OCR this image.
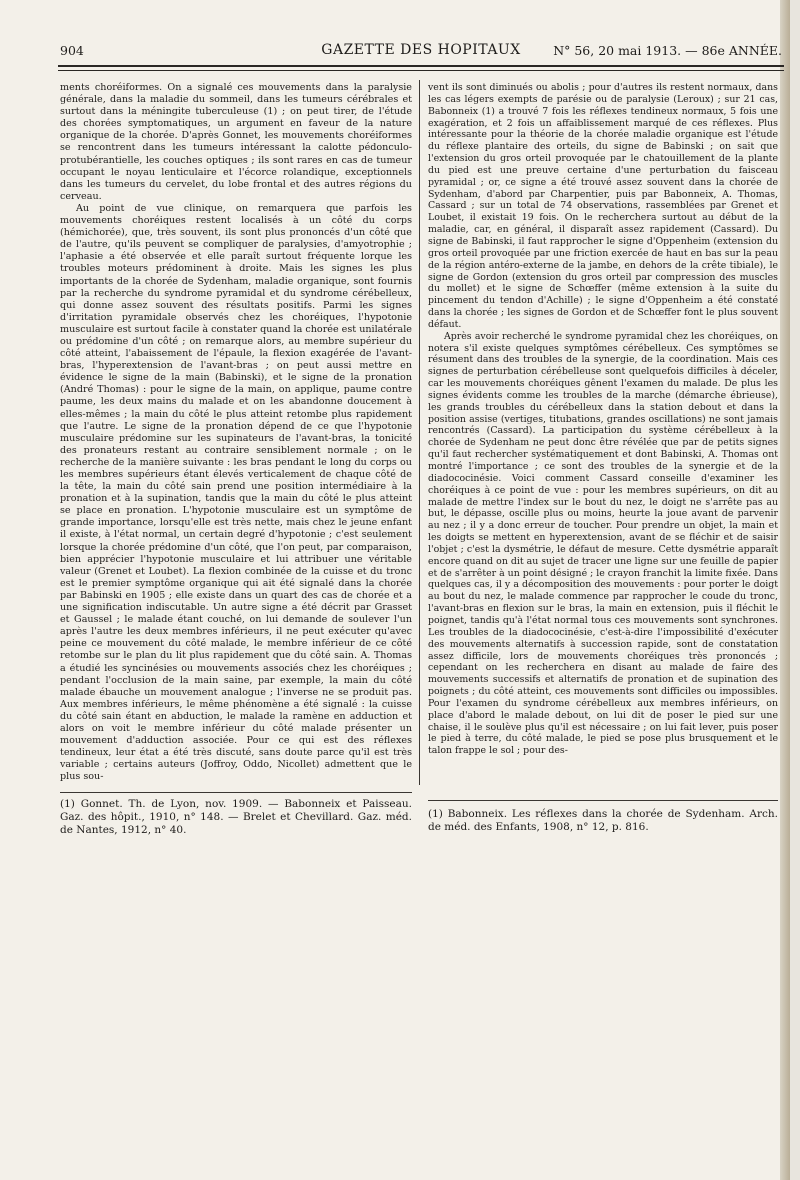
904	GAZETTE DES HOPITAUX	N° 56, 20 mai 1913. — 86e ANNÉE.

ments choréiformes. On a signalé ces mouvements dans la paralysie générale, dans la maladie du sommeil, dans les tumeurs cérébrales et surtout dans la méningite tuberculeuse (1) ; on peut tirer, de l'étude des chorées symptomatiques, un argument en faveur de la nature organique de la chorée. D'après Gonnet, les mouvements choréiformes se rencontrent dans les tumeurs intéressant la calotte pédonculo-protubérantielle, les couches optiques ; ils sont rares en cas de tumeur occupant le noyau lenticulaire et l'écorce rolandique, exceptionnels dans les tumeurs du cervelet, du lobe frontal et des autres régions du cerveau.

Au point de vue clinique, on remarquera que parfois les mouvements choréiques restent localisés à un côté du corps (hémichorée), que, très souvent, ils sont plus prononcés d'un côté que de l'autre, qu'ils peuvent se compliquer de paralysies, d'amyotrophie ; l'aphasie a été observée et elle paraît surtout fréquente lorque les troubles moteurs prédominent à droite. Mais les signes les plus importants de la chorée de Sydenham, maladie organique, sont fournis par la recherche du syndrome pyramidal et du syndrome cérébelleux, qui donne assez souvent des résultats positifs. Parmi les signes d'irritation pyramidale observés chez les choréiques, l'hypotonie musculaire est surtout facile à constater quand la chorée est unilatérale ou prédomine d'un côté ; on remarque alors, au membre supérieur du côté atteint, l'abaissement de l'épaule, la flexion exagérée de l'avant-bras, l'hyperextension de l'avant-bras ; on peut aussi mettre en évidence le signe de la main (Babinski), et le signe de la pronation (André Thomas) : pour le signe de la main, on applique, paume contre paume, les deux mains du malade et on les abandonne doucement à elles-mêmes ; la main du côté le plus atteint retombe plus rapidement que l'autre. Le signe de la pronation dépend de ce que l'hypotonie musculaire prédomine sur les supinateurs de l'avant-bras, la tonicité des pronateurs restant au contraire sensiblement normale ; on le recherche de la manière suivante : les bras pendant le long du corps ou les membres supérieurs étant élevés verticalement de chaque côté de la tête, la main du côté sain prend une position intermédiaire à la pronation et à la supination, tandis que la main du côté le plus atteint se place en pronation. L'hypotonie musculaire est un symptôme de grande importance, lorsqu'elle est très nette, mais chez le jeune enfant il existe, à l'état normal, un certain degré d'hypotonie ; c'est seulement lorsque la chorée prédomine d'un côté, que l'on peut, par comparaison, bien apprécier l'hypotonie musculaire et lui attribuer une véritable valeur (Grenet et Loubet). La flexion combinée de la cuisse et du tronc est le premier symptôme organique qui ait été signalé dans la chorée par Babinski en 1905 ; elle existe dans un quart des cas de chorée et a une signification indiscutable. Un autre signe a été décrit par Grasset et Gaussel ; le malade étant couché, on lui demande de soulever l'un après l'autre les deux membres inférieurs, il ne peut exécuter qu'avec peine ce mouvement du côté malade, le membre inférieur de ce côté retombe sur le plan du lit plus rapidement que du côté sain. A. Thomas a étudié les syncinésies ou mouvements associés chez les choréiques ; pendant l'occlusion de la main saine, par exemple, la main du côté malade ébauche un mouvement analogue ; l'inverse ne se produit pas. Aux membres inférieurs, le même phénomène a été signalé : la cuisse du côté sain étant en abduction, le malade la ramène en adduction et alors on voit le membre inférieur du côté malade présenter un mouvement d'adduction associée. Pour ce qui est des réflexes tendineux, leur état a été très discuté, sans doute parce qu'il est très variable ; certains auteurs (Joffroy, Oddo, Nicollet) admettent que le plus sou-

vent ils sont diminués ou abolis ; pour d'autres ils restent normaux, dans les cas légers exempts de parésie ou de paralysie (Leroux) ; sur 21 cas, Babonneix (1) a trouvé 7 fois les réflexes tendineux normaux, 5 fois une exagération, et 2 fois un affaiblissement marqué de ces réflexes. Plus intéressante pour la théorie de la chorée maladie organique est l'étude du réflexe plantaire des orteils, du signe de Babinski ; on sait que l'extension du gros orteil provoquée par le chatouillement de la plante du pied est une preuve certaine d'une perturbation du faisceau pyramidal ; or, ce signe a été trouvé assez souvent dans la chorée de Sydenham, d'abord par Charpentier, puis par Babonneix, A. Thomas, Cassard ; sur un total de 74 observations, rassemblées par Grenet et Loubet, il existait 19 fois. On le recherchera surtout au début de la maladie, car, en général, il disparaît assez rapidement (Cassard). Du signe de Babinski, il faut rapprocher le signe d'Oppenheim (extension du gros orteil provoquée par une friction exercée de haut en bas sur la peau de la région antéro-externe de la jambe, en dehors de la crête tibiale), le signe de Gordon (extension du gros orteil par compression des muscles du mollet) et le signe de Schœffer (même extension à la suite du pincement du tendon d'Achille) ; le signe d'Oppenheim a été constaté dans la chorée ; les signes de Gordon et de Schœffer font le plus souvent défaut.

Après avoir recherché le syndrome pyramidal chez les choréiques, on notera s'il existe quelques symptômes cérébelleux. Ces symptômes se résument dans des troubles de la synergie, de la coordination. Mais ces signes de perturbation cérébelleuse sont quelquefois difficiles à déceler, car les mouvements choréiques gênent l'examen du malade. De plus les signes évidents comme les troubles de la marche (démarche ébrieuse), les grands troubles du cérébelleux dans la station debout et dans la position assise (vertiges, titubations, grandes oscillations) ne sont jamais rencontrés (Cassard). La participation du système cérébelleux à la chorée de Sydenham ne peut donc être révélée que par de petits signes qu'il faut rechercher systématiquement et dont Babinski, A. Thomas ont montré l'importance ; ce sont des troubles de la synergie et de la diadococinésie. Voici comment Cassard conseille d'examiner les choréiques à ce point de vue : pour les membres supérieurs, on dit au malade de mettre l'index sur le bout du nez, le doigt ne s'arrête pas au but, le dépasse, oscille plus ou moins, heurte la joue avant de parvenir au nez ; il y a donc erreur de toucher. Pour prendre un objet, la main et les doigts se mettent en hyperextension, avant de se fléchir et de saisir l'objet ; c'est la dysmétrie, le défaut de mesure. Cette dysmétrie apparaît encore quand on dit au sujet de tracer une ligne sur une feuille de papier et de s'arrêter à un point désigné ; le crayon franchit la limite fixée. Dans quelques cas, il y a décomposition des mouvements : pour porter le doigt au bout du nez, le malade commence par rapprocher le coude du tronc, l'avant-bras en flexion sur le bras, la main en extension, puis il fléchit le poignet, tandis qu'à l'état normal tous ces mouvements sont synchrones. Les troubles de la diadococinésie, c'est-à-dire l'impossibilité d'exécuter des mouvements alternatifs à succession rapide, sont de constatation assez difficile, lors de mouvements choréiques très prononcés ; cependant on les recherchera en disant au malade de faire des mouvements successifs et alternatifs de pronation et de supination des poignets ; du côté atteint, ces mouvements sont difficiles ou impossibles. Pour l'examen du syndrome cérébelleux aux membres inférieurs, on place d'abord le malade debout, on lui dit de poser le pied sur une chaise, il le soulève plus qu'il est nécessaire ; on lui fait lever, puis poser le pied à terre, du côté malade, le pied se pose plus brusquement et le talon frappe le sol ; pour des-

(1) Gonnet. Th. de Lyon, nov. 1909. — Babonneix et Paisseau. Gaz. des hôpit., 1910, n° 148. — Brelet et Chevillard. Gaz. méd. de Nantes, 1912, n° 40.
(1) Babonneix. Les réflexes dans la chorée de Sydenham. Arch. de méd. des Enfants, 1908, n° 12, p. 816.
